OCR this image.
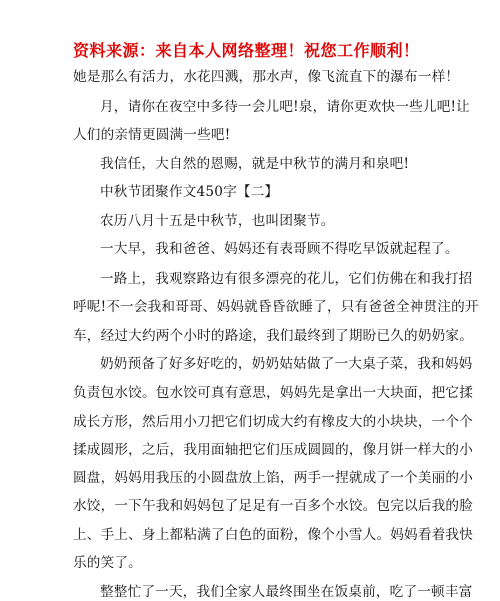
资料来源：来自本人网络整理！祝您工作顺利！
她是那么有活力，水花四溅，那水声，像飞流直下的瀑布一样！
月，请你在夜空中多待一会儿吧!泉，请你更欢快一些儿吧!让
人们的亲情更圆满一些吧!
我信任，大自然的恩赐，就是中秋节的满月和泉吧!
中秋节团聚作文450字【二】
农历八月十五是中秋节，也叫团聚节。
一大早，我和爸爸、妈妈还有表哥顾不得吃早饭就起程了。
一路上，我观察路边有很多漂亮的花儿，它们仿佛在和我打招
呼呢!不一会我和哥哥、妈妈就昏昏欲睡了，只有爸爸全神贯注的开
车，经过大约两个小时的路途，我们最终到了期盼已久的奶奶家。
奶奶预备了好多好吃的，奶奶姑姑做了一大桌子菜，我和妈妈
负责包水饺。包水饺可真有意思，妈妈先是拿出一大块面，把它揉
成长方形，然后用小刀把它们切成大约有橡皮大的小块块，一个个
揉成圆形，之后，我用面轴把它们压成圆圆的，像月饼一样大的小
圆盘，妈妈用我压的小圆盘放上馅，两手一捏就成了一个美丽的小
水饺，一下午我和妈妈包了足足有一百多个水饺。包完以后我的脸
上、手上、身上都粘满了白色的面粉，像个小雪人。妈妈看着我快
乐的笑了。
整整忙了一天，我们全家人最终围坐在饭桌前，吃了一顿丰富
